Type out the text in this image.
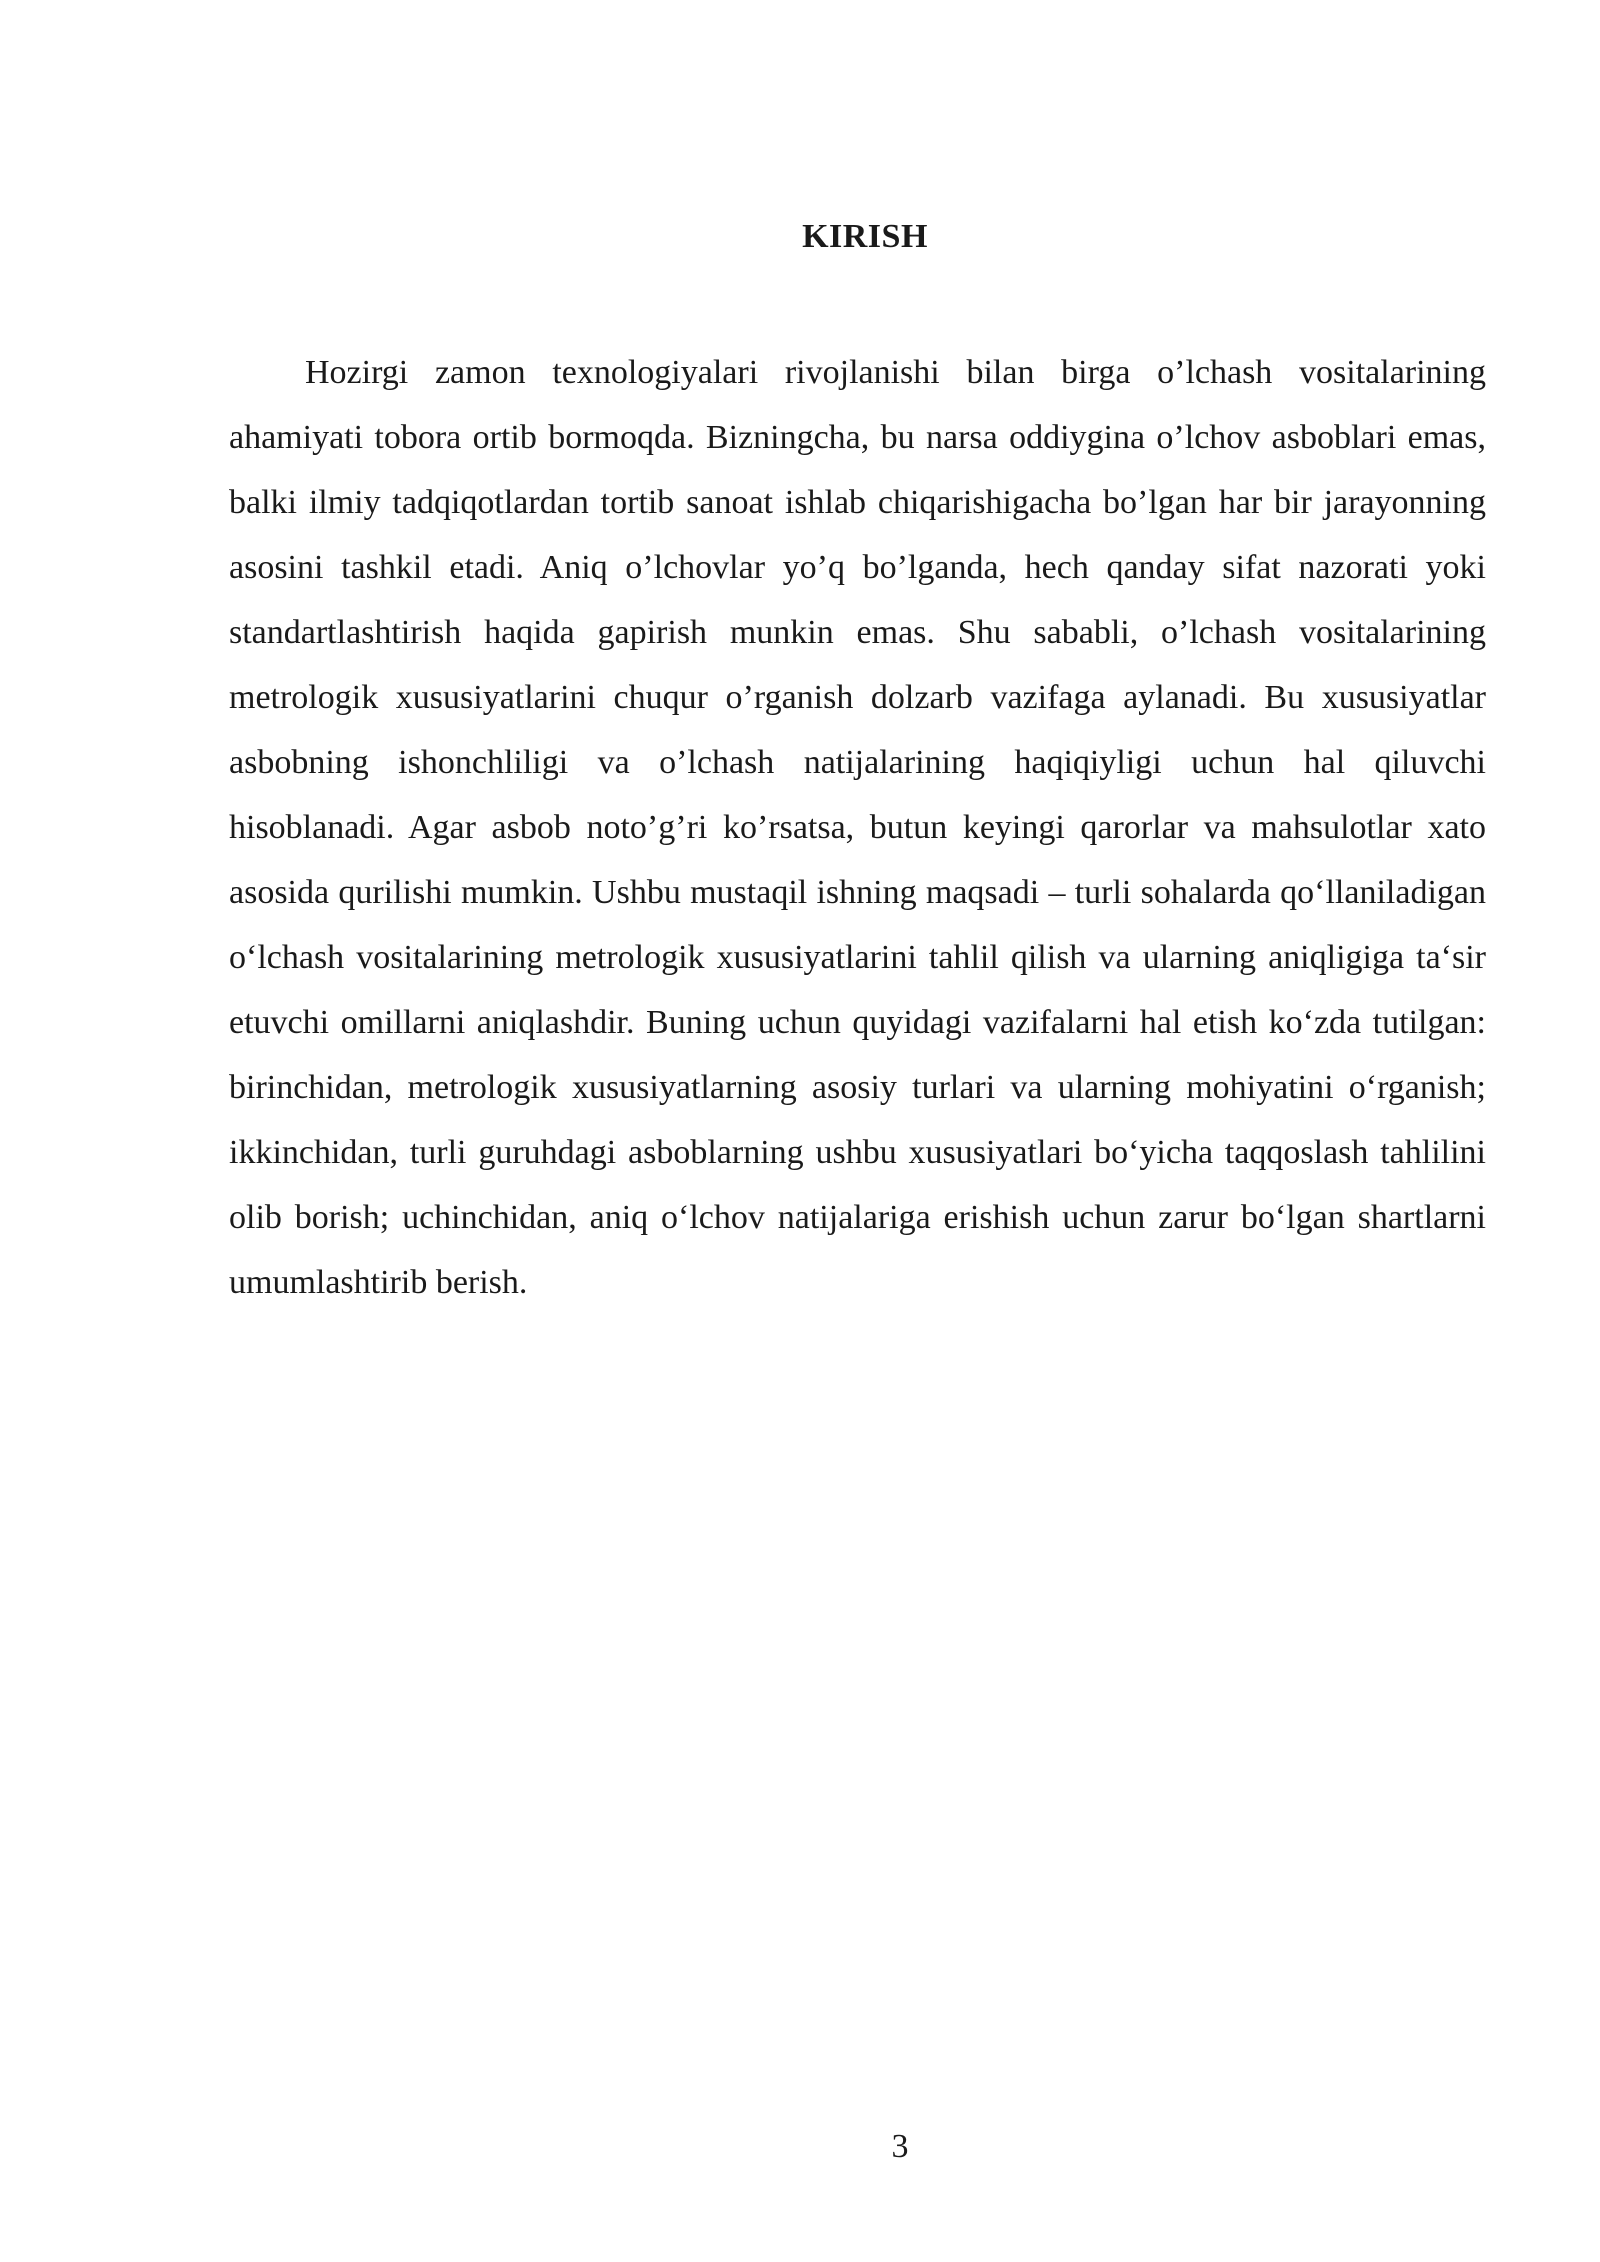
KIRISH

Hozirgi zamon texnologiyalari rivojlanishi bilan birga o’lchash vositalarining ahamiyati tobora ortib bormoqda. Bizningcha, bu narsa oddiygina o’lchov asboblari emas, balki ilmiy tadqiqotlardan tortib sanoat ishlab chiqarishigacha bo’lgan har bir jarayonning asosini tashkil etadi. Aniq o’lchovlar yo’q bo’lganda, hech qanday sifat nazorati yoki standartlashtirish haqida gapirish munkin emas. Shu sababli, o’lchash vositalarining metrologik xususiyatlarini chuqur o’rganish dolzarb vazifaga aylanadi. Bu xususiyatlar asbobning ishonchliligi va o’lchash natijalarining haqiqiyligi uchun hal qiluvchi hisoblanadi. Agar asbob noto’g’ri ko’rsatsa, butun keyingi qarorlar va mahsulotlar xato asosida qurilishi mumkin. Ushbu mustaqil ishning maqsadi – turli sohalarda qo‘llaniladigan o‘lchash vositalarining metrologik xususiyatlarini tahlil qilish va ularning aniqligiga ta‘sir etuvchi omillarni aniqlashdir. Buning uchun quyidagi vazifalarni hal etish ko‘zda tutilgan: birinchidan, metrologik xususiyatlarning asosiy turlari va ularning mohiyatini o‘rganish; ikkinchidan, turli guruhdagi asboblarning ushbu xususiyatlari bo‘yicha taqqoslash tahlilini olib borish; uchinchidan, aniq o‘lchov natijalariga erishish uchun zarur bo‘lgan shartlarni umumlashtirib berish.

3
